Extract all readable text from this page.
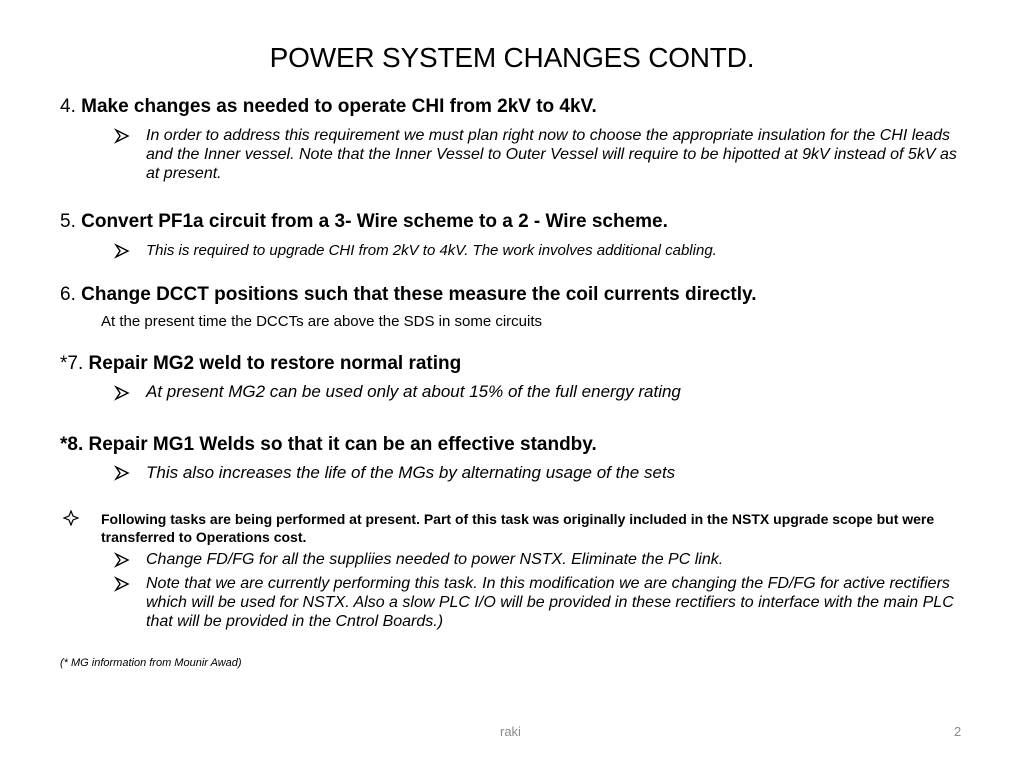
POWER SYSTEM CHANGES CONTD.
4. Make changes as needed to operate CHI from 2kV to 4kV.
In order to address this requirement we must plan right now to choose the appropriate insulation for the CHI leads and the Inner vessel. Note that the Inner Vessel to Outer Vessel will require to be hipotted at 9kV instead of 5kV as at present.
5. Convert PF1a circuit from a 3- Wire scheme to a 2 - Wire scheme.
This is required to upgrade CHI from 2kV to 4kV. The work involves additional cabling.
6. Change DCCT positions such that these measure the coil currents directly.
At the present time the DCCTs are above the SDS in some circuits
*7. Repair MG2 weld to restore normal rating
At present MG2 can be used only at about 15% of the full energy rating
*8. Repair MG1 Welds so that it can be an effective standby.
This also increases the life of the MGs by alternating usage of the sets
Following tasks are being performed at present. Part of this task was originally included in the NSTX upgrade scope but were transferred to Operations cost.
Change FD/FG for all the suppliies needed to power NSTX. Eliminate the PC link.
Note that we are currently performing this task. In this modification we are changing the FD/FG for active rectifiers which will be used for NSTX. Also a slow PLC I/O will be provided in these rectifiers to interface with the main PLC that will be provided in the Cntrol Boards.)
(* MG information from Mounir Awad)
raki	2
